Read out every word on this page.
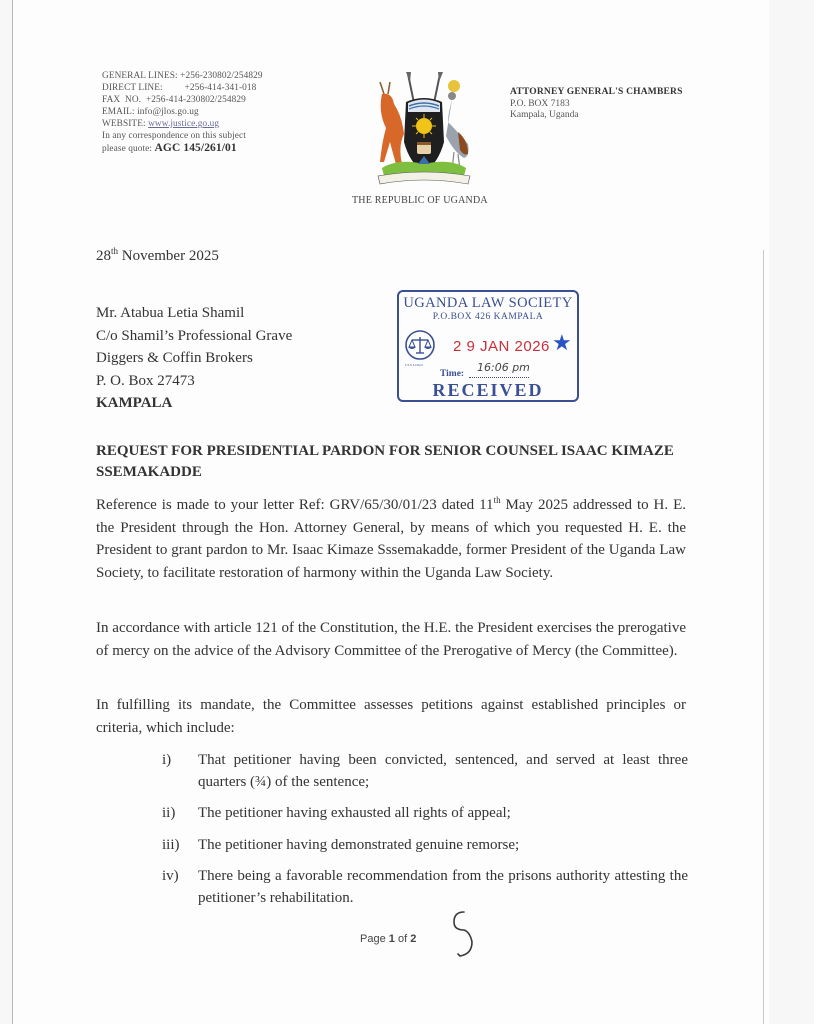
GENERAL LINES: +256-230802/254829
DIRECT LINE: +256-414-341-018
FAX  NO. +256-414-230802/254829
EMAIL: info@jlos.go.ug
WEBSITE: www.justice.go.ug
In any correspondence on this subject
please quote: AGC 145/261/01
THE REPUBLIC OF UGANDA
ATTORNEY GENERAL'S CHAMBERS
P.O. BOX 7183
Kampala, Uganda
28th November 2025
Mr. Atabua Letia Shamil
C/o Shamil’s Professional Grave
Diggers & Coffin Brokers
P. O. Box 27473
KAMPALA
UGANDA LAW SOCIETY
P.O.BOX 426 KAMPALA
ULS LOGO
2 9 JAN 2026 ★
Time: 16:06 pm
RECEIVED
REQUEST FOR PRESIDENTIAL PARDON FOR SENIOR COUNSEL ISAAC KIMAZE SSEMAKADDE
Reference is made to your letter Ref: GRV/65/30/01/23 dated 11th May 2025 addressed to H. E. the President through the Hon. Attorney General, by means of which you requested H. E. the President to grant pardon to Mr. Isaac Kimaze Sssemakadde, former President of the Uganda Law Society, to facilitate restoration of harmony within the Uganda Law Society.
In accordance with article 121 of the Constitution, the H.E. the President exercises the prerogative of mercy on the advice of the Advisory Committee of the Prerogative of Mercy (the Committee).
In fulfilling its mandate, the Committee assesses petitions against established principles or criteria, which include:
i) That petitioner having been convicted, sentenced, and served at least three quarters (¾) of the sentence;
ii) The petitioner having exhausted all rights of appeal;
iii) The petitioner having demonstrated genuine remorse;
iv) There being a favorable recommendation from the prisons authority attesting the petitioner’s rehabilitation.
Page 1 of 2
